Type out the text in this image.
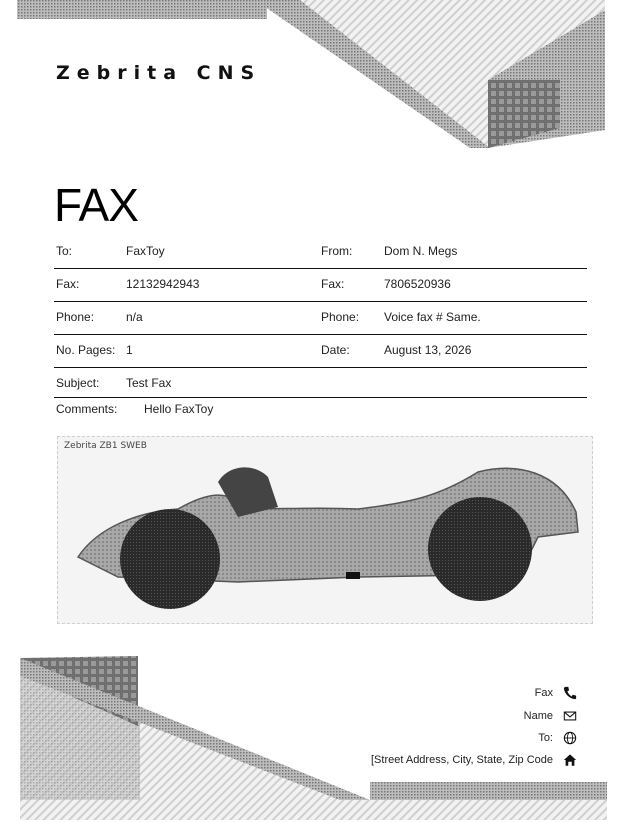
Zebrita CNS
FAX
To:	FaxToy	From:	Dom N. Megs
Fax:	12132942943	Fax:	7806520936
Phone:	n/a	Phone: Voice fax # Same.
No. Pages: 1	Date:	August 13, 2026
Subject: Test Fax
Comments: Hello FaxToy
Zebrita ZB1 SWEB
Fax
Name
To:
[Street Address, City, State, Zip Code
